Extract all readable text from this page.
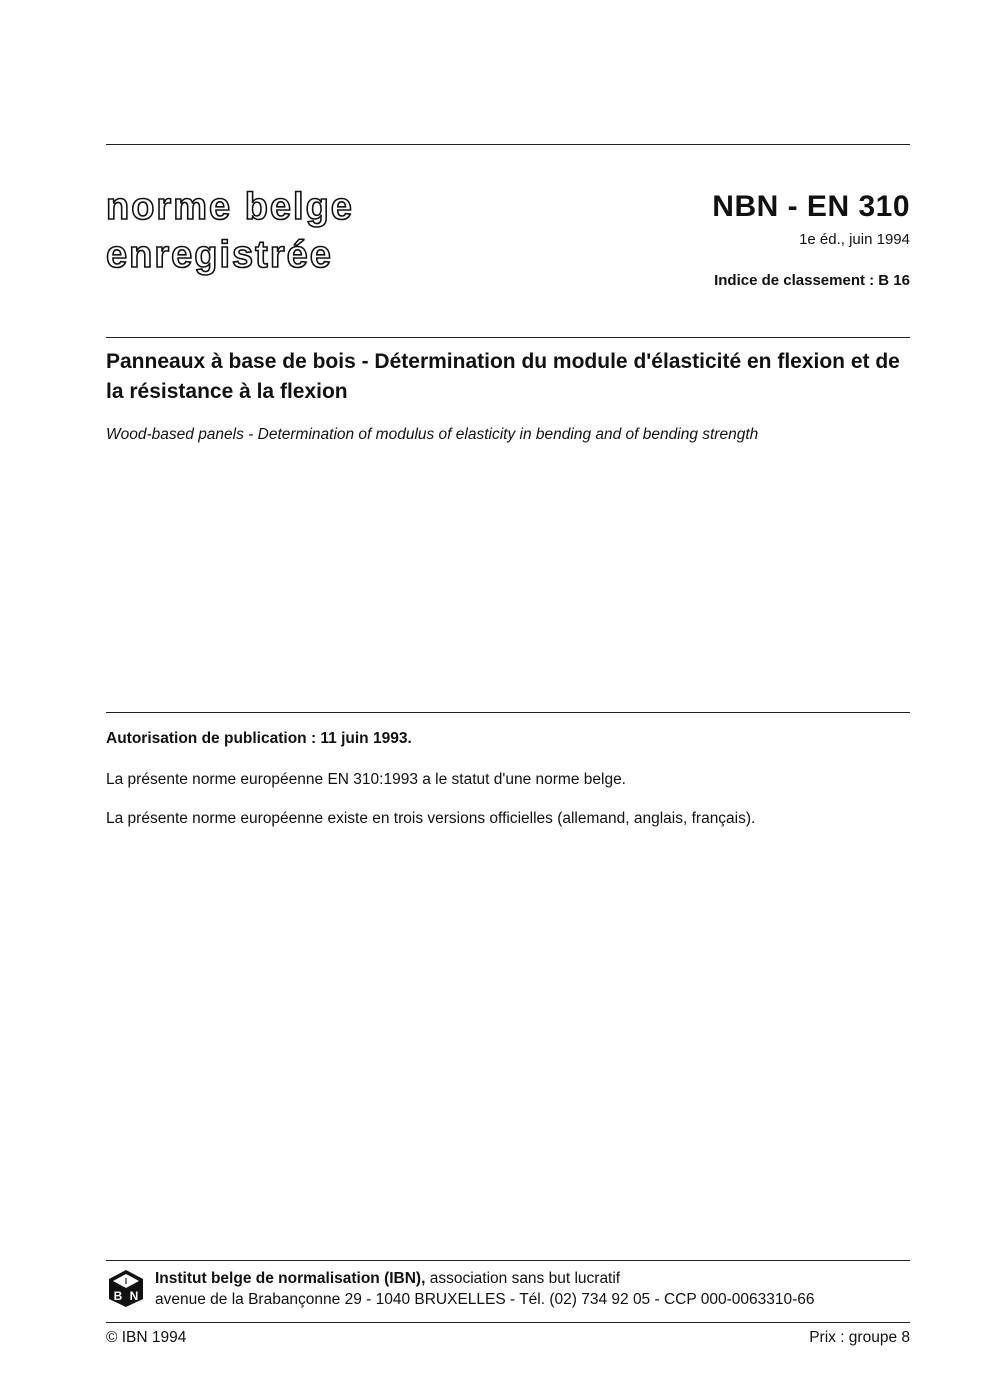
norme belge
enregistrée
NBN - EN 310
1e éd., juin 1994
Indice de classement : B 16
Panneaux à base de bois - Détermination du module d'élasticité en flexion et de la résistance à la flexion
Wood-based panels - Determination of modulus of elasticity in bending and of bending strength
Autorisation de publication : 11 juin 1993.
La présente norme européenne EN 310:1993 a le statut d'une norme belge.
La présente norme européenne existe en trois versions officielles (allemand, anglais, français).
I
B N
Institut belge de normalisation (IBN), association sans but lucratif
avenue de la Brabançonne 29 - 1040 BRUXELLES - Tél. (02) 734 92 05 - CCP 000-0063310-66
© IBN 1994	Prix : groupe 8
